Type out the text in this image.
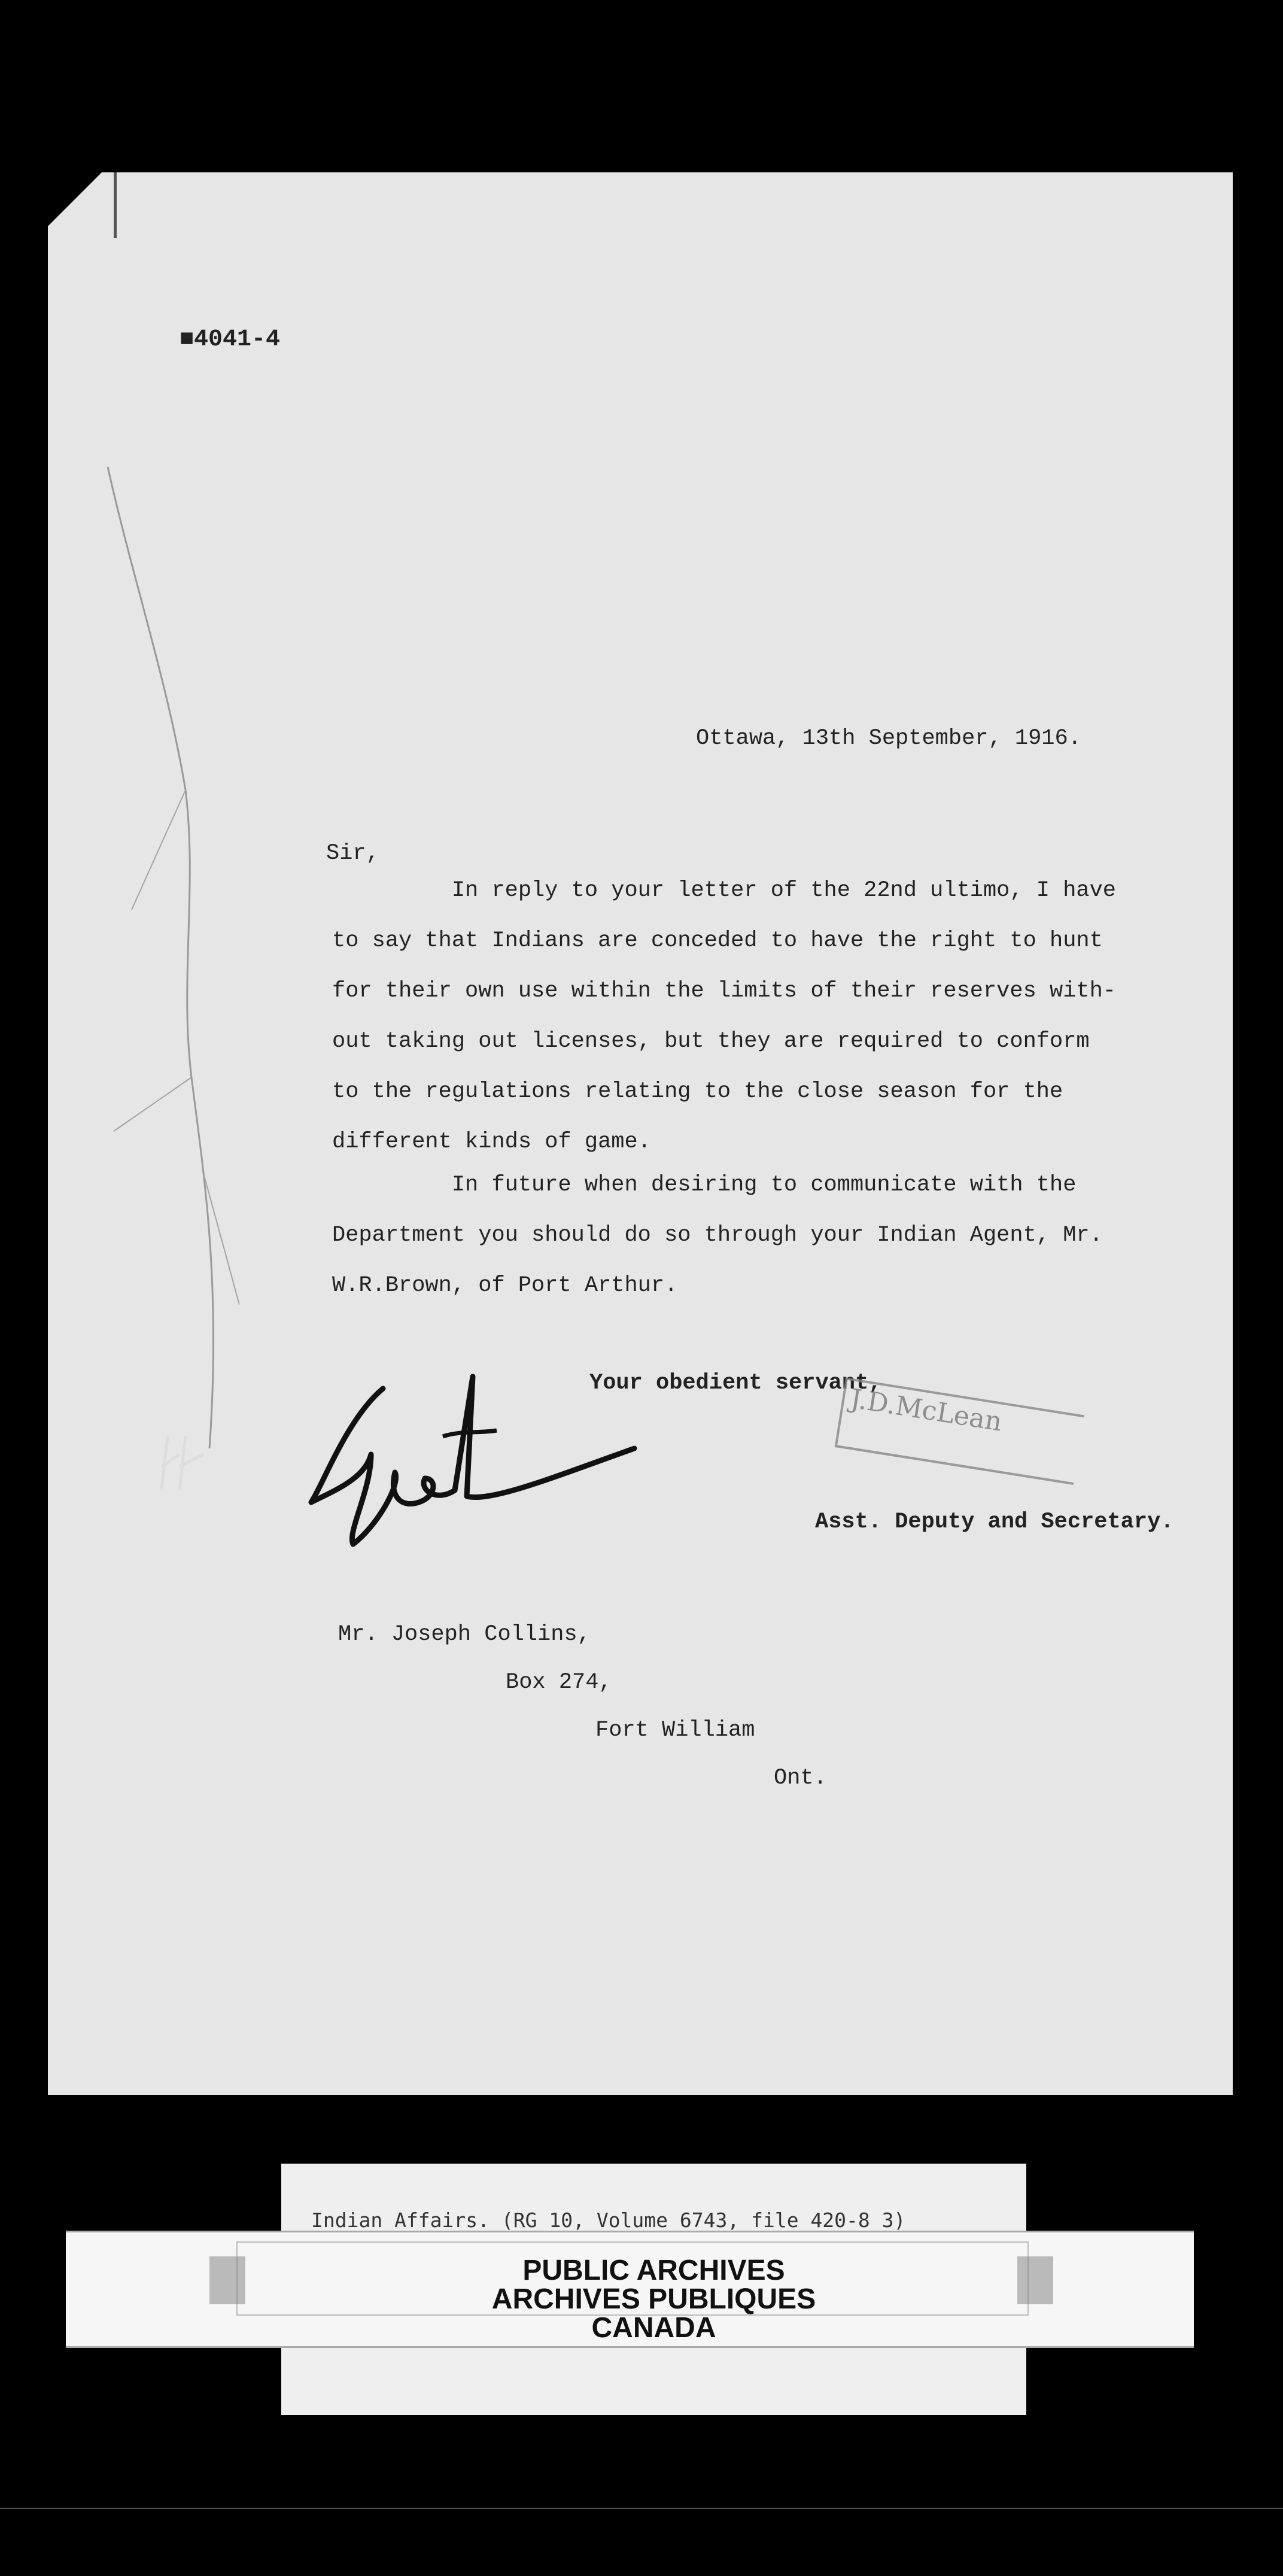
■4041-4
Ottawa, 13th September, 1916.
Sir,
In reply to your letter of the 22nd ultimo, I have
to say that Indians are conceded to have the right to hunt
for their own use within the limits of their reserves with-
out taking out licenses, but they are required to conform
to the regulations relating to the close season for the
different kinds of game.
In future when desiring to communicate with the
Department you should do so through your Indian Agent, Mr.
W.R.Brown, of Port Arthur.
Your obedient servant,
J.D.McLean
Asst. Deputy and Secretary.
Mr. Joseph Collins,
Box 274,
Fort William
Ont.
Indian Affairs. (RG 10, Volume 6743, file 420-8 3)
PUBLIC ARCHIVES
ARCHIVES PUBLIQUES
CANADA
